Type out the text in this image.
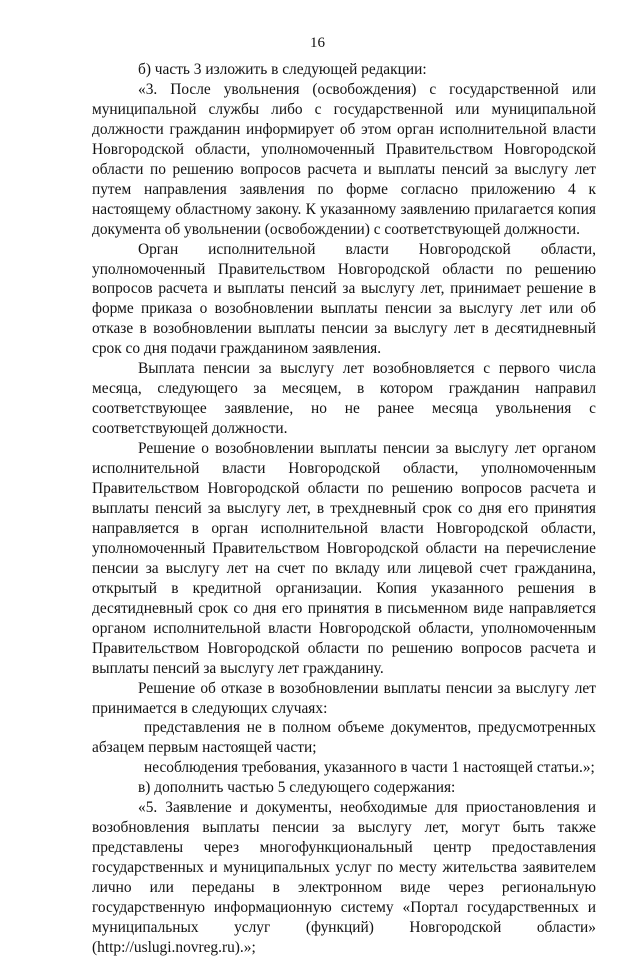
16

б) часть 3 изложить в следующей редакции:

«3. После увольнения (освобождения) с государственной или муниципальной службы либо с государственной или муниципальной должности гражданин информирует об этом орган исполнительной власти Новгородской области, уполномоченный Правительством Новгородской области по решению вопросов расчета и выплаты пенсий за выслугу лет путем направления заявления по форме согласно приложению 4 к настоящему областному закону. К указанному заявлению прилагается копия документа об увольнении (освобождении) с соответствующей должности.

Орган исполнительной власти Новгородской области, уполномоченный Правительством Новгородской области по решению вопросов расчета и выплаты пенсий за выслугу лет, принимает решение в форме приказа о возобновлении выплаты пенсии за выслугу лет или об отказе в возобновлении выплаты пенсии за выслугу лет в десятидневный срок со дня подачи гражданином заявления.

Выплата пенсии за выслугу лет возобновляется с первого числа месяца, следующего за месяцем, в котором гражданин направил соответствующее заявление, но не ранее месяца увольнения с соответствующей должности.

Решение о возобновлении выплаты пенсии за выслугу лет органом исполнительной власти Новгородской области, уполномоченным Правительством Новгородской области по решению вопросов расчета и выплаты пенсий за выслугу лет, в трехдневный срок со дня его принятия направляется в орган исполнительной власти Новгородской области, уполномоченный Правительством Новгородской области на перечисление пенсии за выслугу лет на счет по вкладу или лицевой счет гражданина, открытый в кредитной организации. Копия указанного решения в десятидневный срок со дня его принятия в письменном виде направляется органом исполнительной власти Новгородской области, уполномоченным Правительством Новгородской области по решению вопросов расчета и выплаты пенсий за выслугу лет гражданину.

Решение об отказе в возобновлении выплаты пенсии за выслугу лет принимается в следующих случаях:

представления не в полном объеме документов, предусмотренных абзацем первым настоящей части;

несоблюдения требования, указанного в части 1 настоящей статьи.»;

в) дополнить частью 5 следующего содержания:

«5. Заявление и документы, необходимые для приостановления и возобновления выплаты пенсии за выслугу лет, могут быть также представлены через многофункциональный центр предоставления государственных и муниципальных услуг по месту жительства заявителем лично или переданы в электронном виде через региональную государственную информационную систему «Портал государственных и муниципальных услуг (функций) Новгородской области» (http://uslugi.novreg.ru).»;
